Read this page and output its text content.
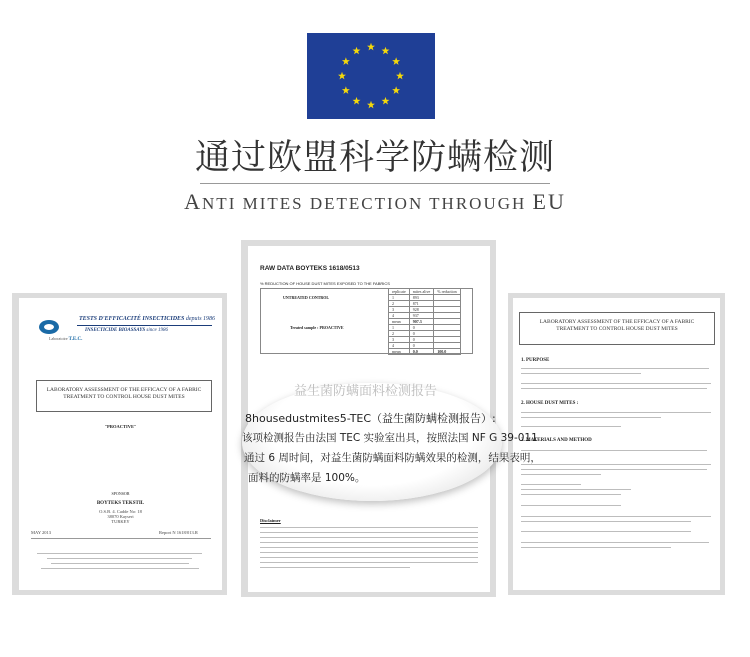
通过欧盟科学防螨检测
ANTI MITES DETECTION THROUGH EU
TESTS D'EFFICACITÉ INSECTICIDES depuis 1986
INSECTICIDE BIOASSAYS since 1986
Laboratoire T.E.C.
LABORATORY ASSESSMENT OF THE EFFICACY OF A FABRIC TREATMENT TO CONTROL HOUSE DUST MITES
"PROACTIVE"
SPONSOR
BOYTEKS TEKSTIL
O.S.B. 4. Cadde No: 18
38070 Kayseri
TURKEY
MAY 2013	Report N 1618/013.R
LABORATORY ASSESSMENT OF THE EFFICACY OF A FABRIC TREATMENT TO CONTROL HOUSE DUST MITES
1. PURPOSE
2. HOUSE DUST MITES :
3. MATERIALS AND METHOD
RAW DATA BOYTEKS 1618/0513
% REDUCTION OF HOUSE DUST MITES EXPOSED TO THE FABRICS
UNTREATED CONTROL
Treated sample : PROACTIVE
replicate	mites alive	% reduction
1	893	
2	871	
3	928	
4	937	
mean	907.3	
1	0	
2	0	
3	0	
4	0	
mean	0.0	100.0
Disclaimer
益生菌防螨面料检测报告
8housedustmites5-TEC（益生菌防螨检测报告）:
该项检测报告由法国 TEC 实验室出具，按照法国 NF G 39-011
通过 6 周时间，对益生菌防螨面料防螨效果的检测，结果表明，
面料的防螨率是 100%。
